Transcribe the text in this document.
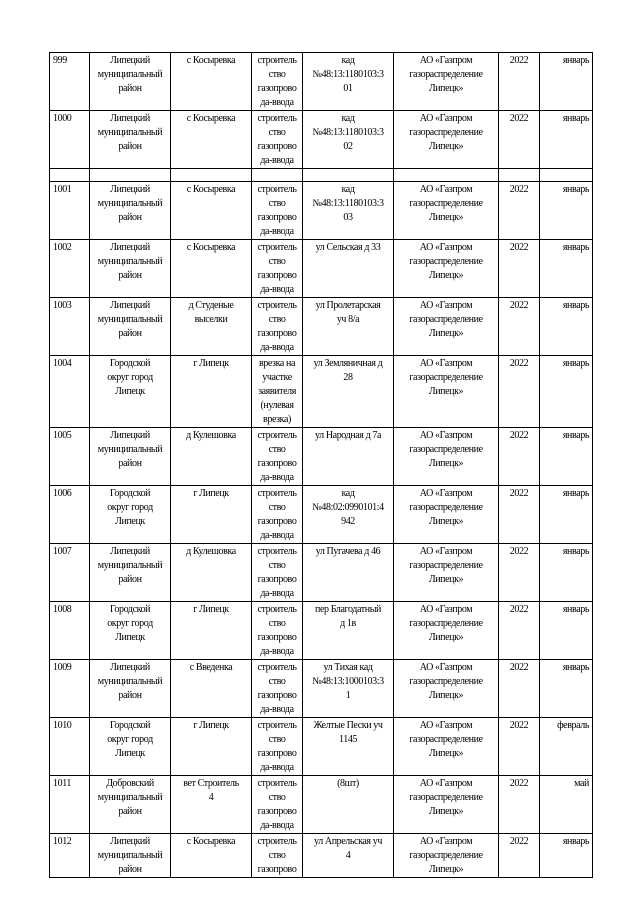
999	Липецкий
муниципальный
район	с Косыревка	строитель
ство
газопрово
да-ввода	кад
№48:13:1180103:3
01	АО «Газпром
газораспределение
Липецк»	2022	январь
1000	Липецкий
муниципальный
район	с Косыревка	строитель
ство
газопрово
да-ввода	кад
№48:13:1180103:3
02	АО «Газпром
газораспределение
Липецк»	2022	январь

1001	Липецкий
муниципальный
район	с Косыревка	строитель
ство
газопрово
да-ввода	кад
№48:13:1180103:3
03	АО «Газпром
газораспределение
Липецк»	2022	январь
1002	Липецкий
муниципальный
район	с Косыревка	строитель
ство
газопрово
да-ввода	ул Сельская д 33	АО «Газпром
газораспределение
Липецк»	2022	январь
1003	Липецкий
муниципальный
район	д Студеные
выселки	строитель
ство
газопрово
да-ввода	ул Пролетарская
уч 8/а	АО «Газпром
газораспределение
Липецк»	2022	январь
1004	Городской
округ город
Липецк	г Липецк	врезка на
участке
заявителя
(нулевая
врезка)	ул Земляничная д
28	АО «Газпром
газораспределение
Липецк»	2022	январь
1005	Липецкий
муниципальный
район	д Кулешовка	строитель
ство
газопрово
да-ввода	ул Народная д 7а	АО «Газпром
газораспределение
Липецк»	2022	январь
1006	Городской
округ город
Липецк	г Липецк	строитель
ство
газопрово
да-ввода	кад
№48:02:0990101:4
942	АО «Газпром
газораспределение
Липецк»	2022	январь
1007	Липецкий
муниципальный
район	д Кулешовка	строитель
ство
газопрово
да-ввода	ул Пугачева д 46	АО «Газпром
газораспределение
Липецк»	2022	январь
1008	Городской
округ город
Липецк	г Липецк	строитель
ство
газопрово
да-ввода	пер Благодатный
д 1в	АО «Газпром
газораспределение
Липецк»	2022	январь
1009	Липецкий
муниципальный
район	с Введенка	строитель
ство
газопрово
да-ввода	ул Тихая кад
№48:13:1000103:3
1	АО «Газпром
газораспределение
Липецк»	2022	январь
1010	Городской
округ город
Липецк	г Липецк	строитель
ство
газопрово
да-ввода	Желтые Пески уч
1145	АО «Газпром
газораспределение
Липецк»	2022	февраль
1011	Добровский
муниципальный
район	вет Строитель
4	строитель
ство
газопрово
да-ввода	(8шт)	АО «Газпром
газораспределение
Липецк»	2022	май
1012	Липецкий
муниципальный
район	с Косыревка	строитель
ство
газопрово	ул Апрельская уч
4	АО «Газпром
газораспределение
Липецк»	2022	январь
